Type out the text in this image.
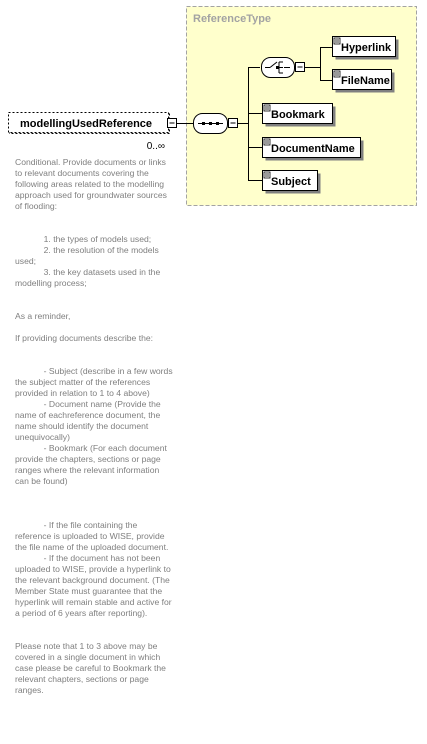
ReferenceType
modellingUsedReference
0..∞
Hyperlink
FileName
Bookmark
DocumentName
Subject

Conditional. Provide documents or links to relevant documents covering the following areas related to the modelling approach used for groundwater sources of flooding:

1. the types of models used;
2. the resolution of the models used;
3. the key datasets used in the modelling process;

As a reminder,

If providing documents describe the:

- Subject (describe in a few words the subject matter of the references provided in relation to 1 to 4 above)
- Document name (Provide the name of eachreference document, the name should identify the document unequivocally)
- Bookmark (For each document provide the chapters, sections or page ranges where the relevant information can be found)

- If the file containing the reference is uploaded to WISE, provide the file name of the uploaded document.
- If the document has not been uploaded to WISE, provide a hyperlink to the relevant background document. (The Member State must guarantee that the hyperlink will remain stable and active for a period of 6 years after reporting).

Please note that 1 to 3 above may be covered in a single document in which case please be careful to Bookmark the relevant chapters, sections or page ranges.
